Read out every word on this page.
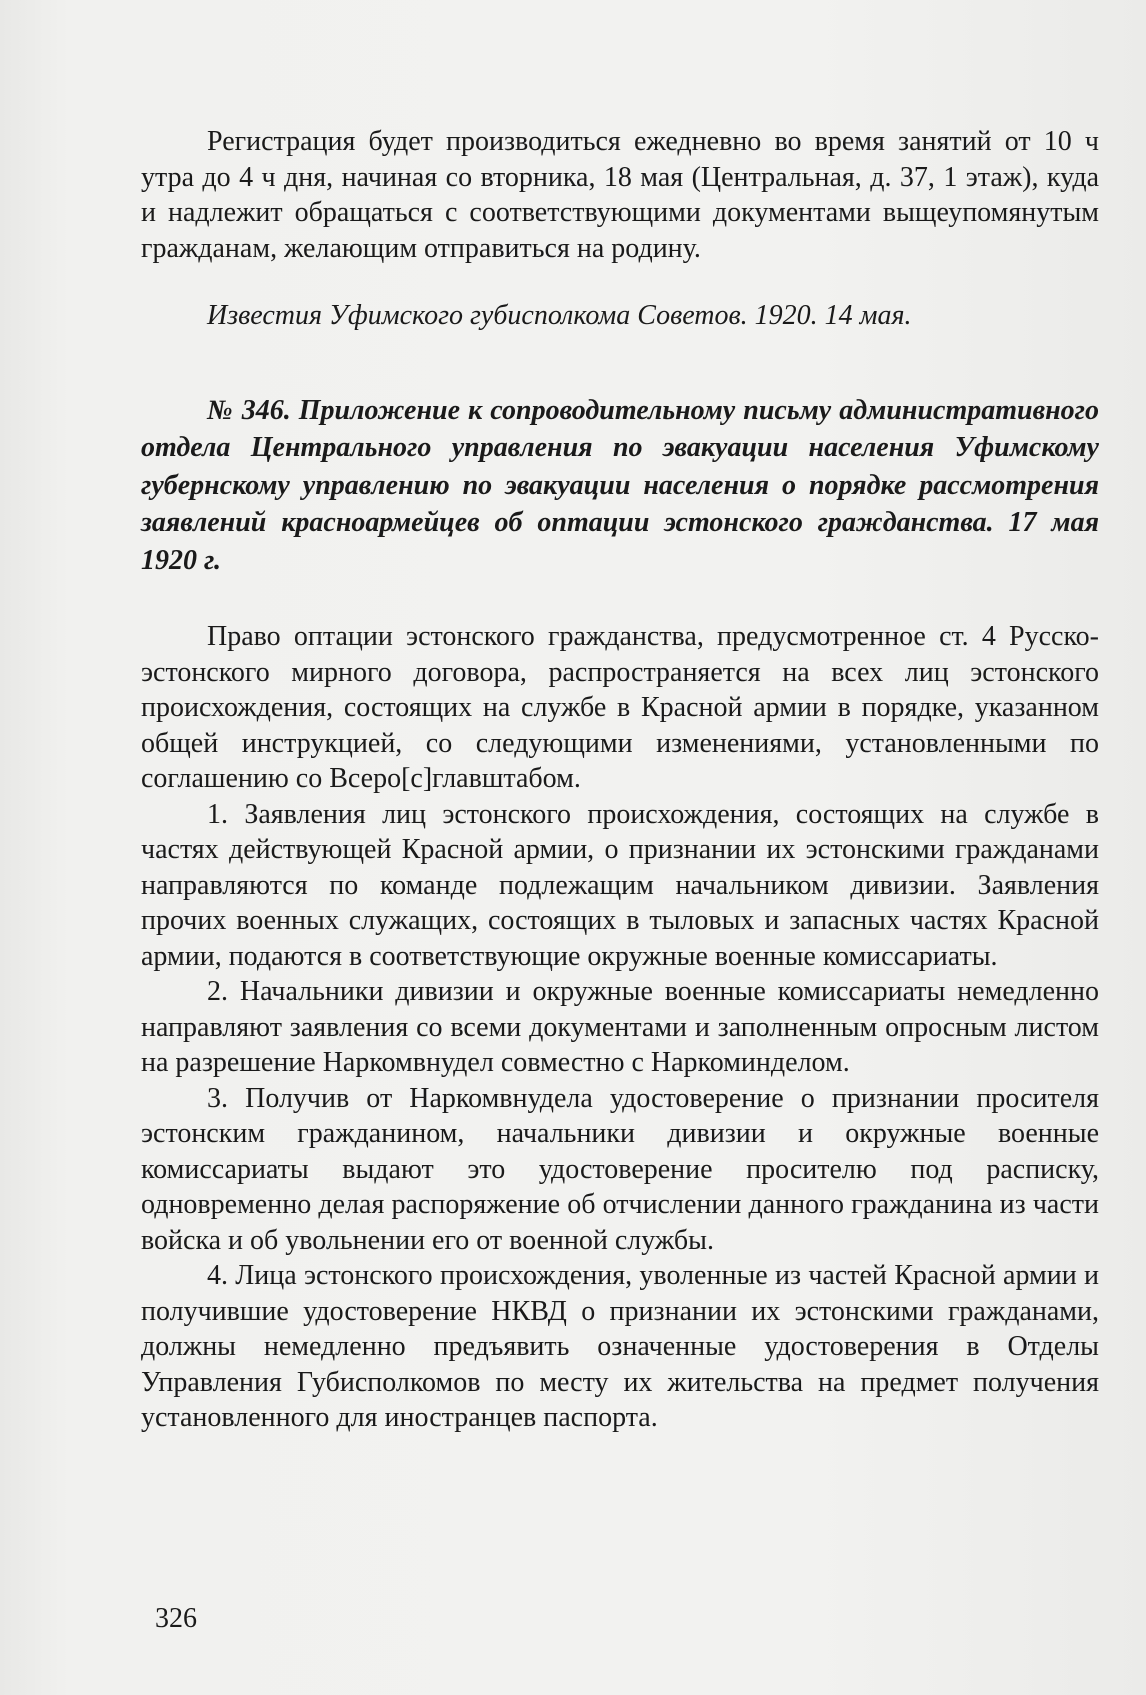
Регистрация будет производиться ежедневно во время занятий от 10 ч утра до 4 ч дня, начиная со вторника, 18 мая (Центральная, д. 37, 1 этаж), куда и надлежит обращаться с соответствующими документами выщеупомянутым гражданам, желающим отправиться на родину.

Известия Уфимского губисполкома Советов. 1920. 14 мая.

№ 346. Приложение к сопроводительному письму административного отдела Центрального управления по эвакуации населения Уфимскому губернскому управлению по эвакуации населения о порядке рассмотрения заявлений красноармейцев об оптации эстонского гражданства. 17 мая 1920 г.

Право оптации эстонского гражданства, предусмотренное ст. 4 Русско-эстонского мирного договора, распространяется на всех лиц эстонского происхождения, состоящих на службе в Красной армии в порядке, указанном общей инструкцией, со следующими изменениями, установленными по соглашению со Всеро[с]главштабом.

1. Заявления лиц эстонского происхождения, состоящих на службе в частях действующей Красной армии, о признании их эстонскими гражданами направляются по команде подлежащим начальником дивизии. Заявления прочих военных служащих, состоящих в тыловых и запасных частях Красной армии, подаются в соответствующие окружные военные комиссариаты.

2. Начальники дивизии и окружные военные комиссариаты немедленно направляют заявления со всеми документами и заполненным опросным листом на разрешение Наркомвнудел совместно с Наркоминделом.

3. Получив от Наркомвнудела удостоверение о признании просителя эстонским гражданином, начальники дивизии и окружные военные комиссариаты выдают это удостоверение просителю под расписку, одновременно делая распоряжение об отчислении данного гражданина из части войска и об увольнении его от военной службы.

4. Лица эстонского происхождения, уволенные из частей Красной армии и получившие удостоверение НКВД о признании их эстонскими гражданами, должны немедленно предъявить означенные удостоверения в Отделы Управления Губисполкомов по месту их жительства на предмет получения установленного для иностранцев паспорта.

326
